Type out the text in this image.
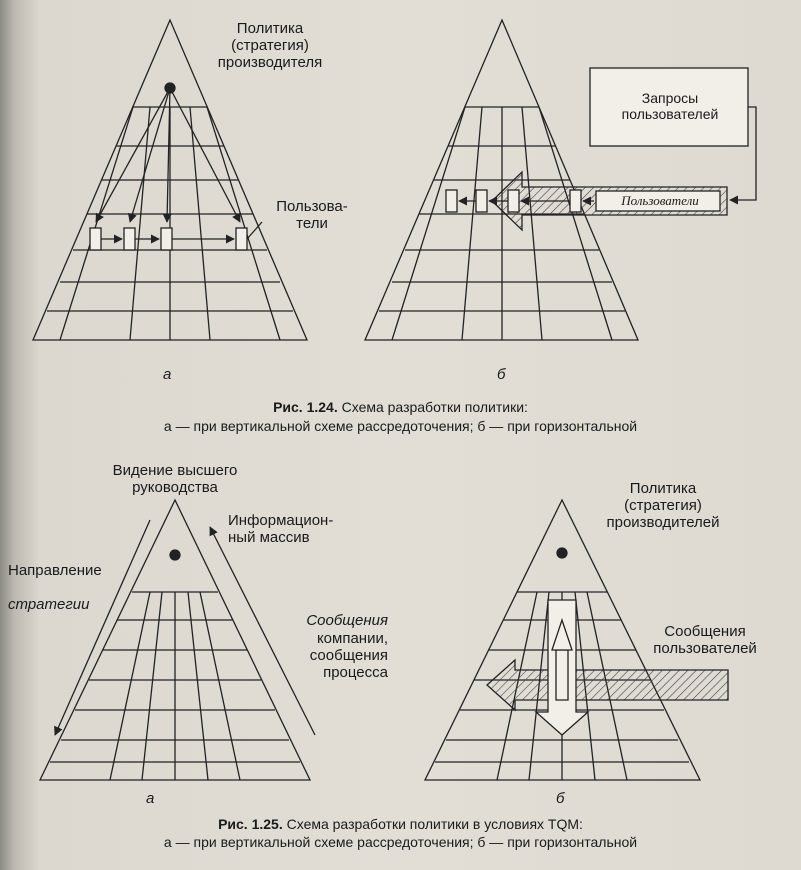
Политика
(стратегия)
производителя
Пользова-
тели
а
Запросы пользователей
Пользователи
б
Рис. 1.24. Схема разработки политики:
а — при вертикальной схеме рассредоточения; б — при горизонтальной
Видение высшего
руководства

Направление

стратегии

Информацион-
ный массив
Сообщения
компании,
сообщения
процесса
а
Политика
(стратегия)
производителей
Сообщения
пользователей
б
Рис. 1.25. Схема разработки политики в условиях TQM:
а — при вертикальной схеме рассредоточения; б — при горизонтальной
